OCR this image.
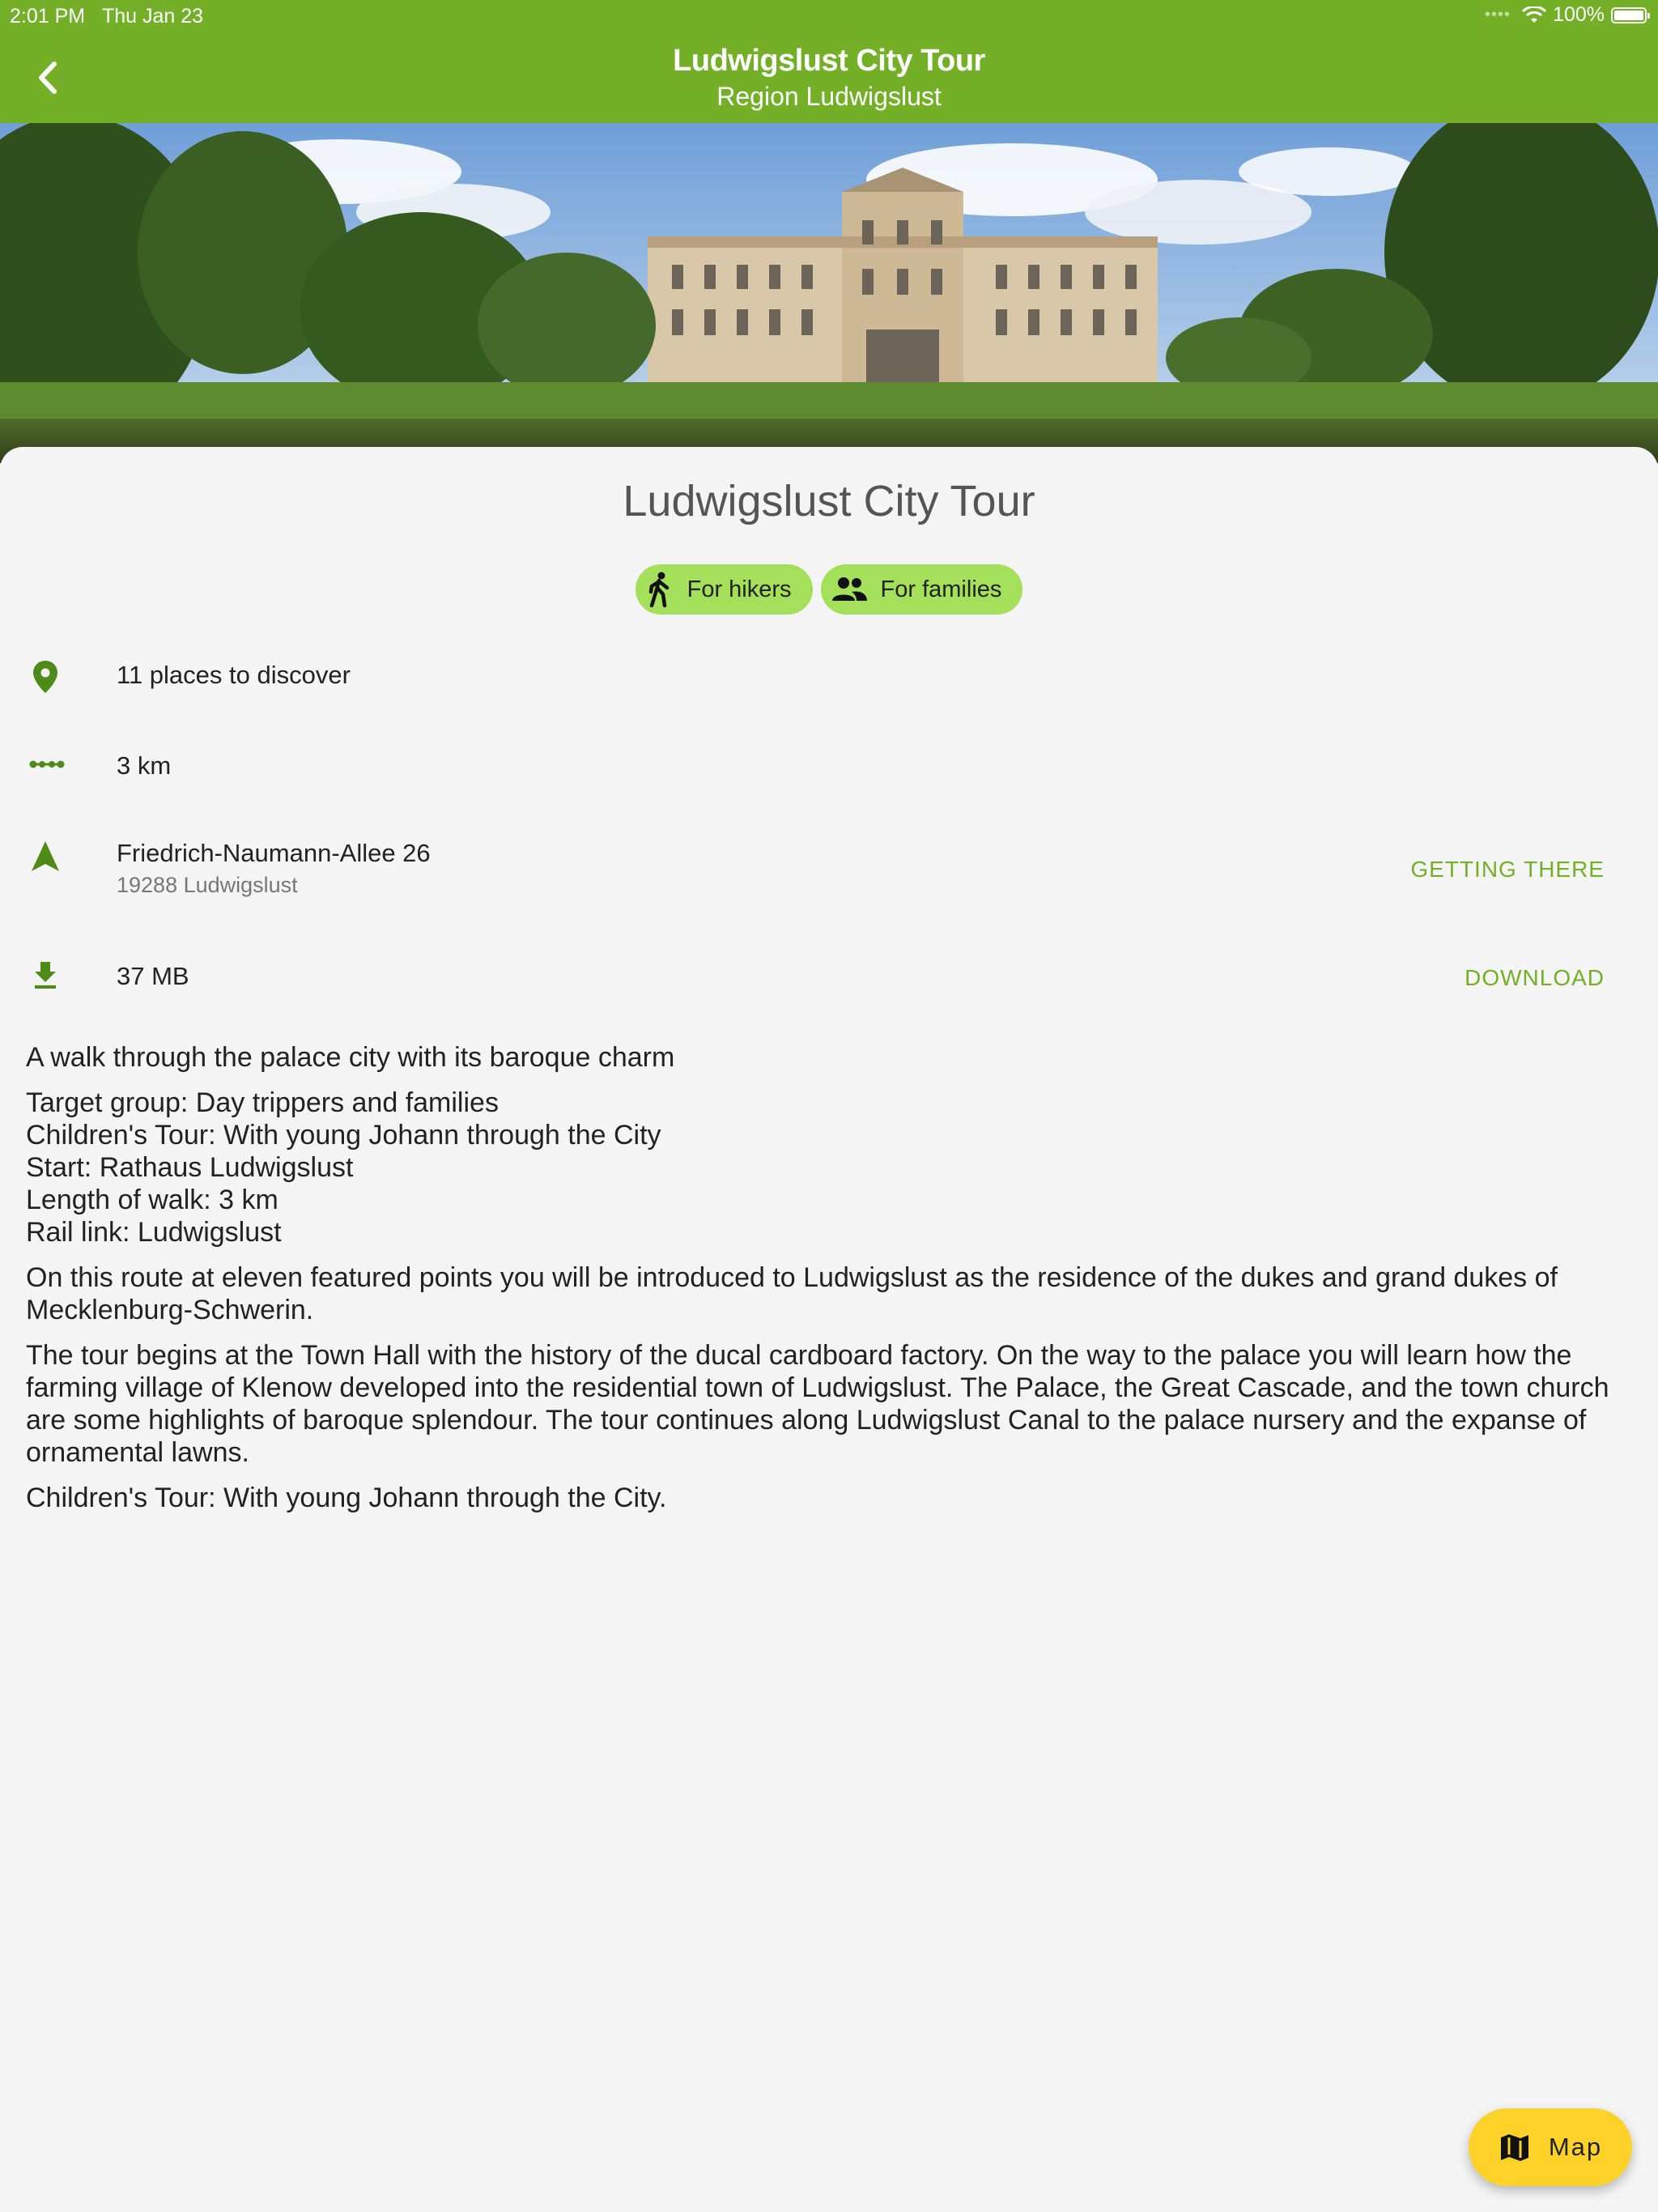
2:01 PM Thu Jan 23	•••• 100%
Ludwigslust City Tour
Region Ludwigslust
Ludwigslust City Tour
For hikers	For families
11 places to discover
3 km
Friedrich-Naumann-Allee 26
19288 Ludwigslust
GETTING THERE
37 MB	DOWNLOAD

A walk through the palace city with its baroque charm

Target group: Day trippers and families
Children's Tour: With young Johann through the City
Start: Rathaus Ludwigslust
Length of walk: 3 km
Rail link: Ludwigslust

On this route at eleven featured points you will be introduced to Ludwigslust as the residence of the dukes and grand dukes of Mecklenburg-Schwerin.

The tour begins at the Town Hall with the history of the ducal cardboard factory. On the way to the palace you will learn how the farming village of Klenow developed into the residential town of Ludwigslust. The Palace, the Great Cascade, and the town church are some highlights of baroque splendour. The tour continues along Ludwigslust Canal to the palace nursery and the expanse of ornamental lawns.

Children's Tour: With young Johann through the City.

Map
